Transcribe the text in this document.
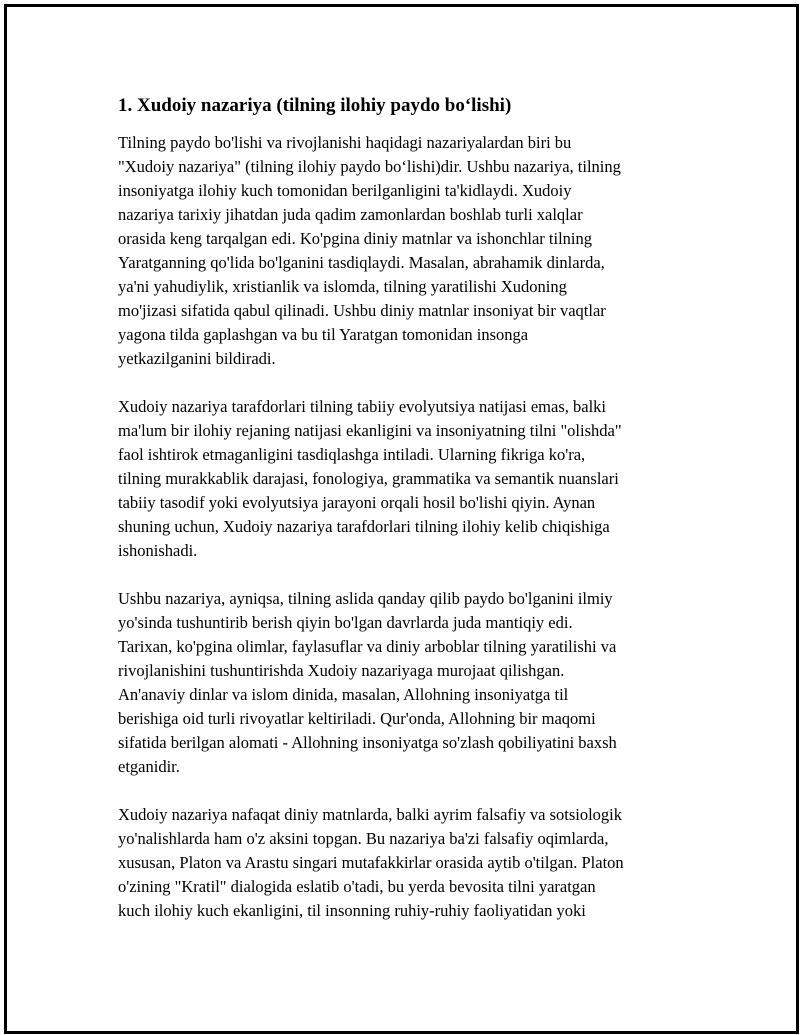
1. Xudoiy nazariya (tilning ilohiy paydo bo‘lishi)

Tilning paydo bo'lishi va rivojlanishi haqidagi nazariyalardan biri bu
"Xudoiy nazariya" (tilning ilohiy paydo bo‘lishi)dir. Ushbu nazariya, tilning
insoniyatga ilohiy kuch tomonidan berilganligini ta'kidlaydi. Xudoiy
nazariya tarixiy jihatdan juda qadim zamonlardan boshlab turli xalqlar
orasida keng tarqalgan edi. Ko'pgina diniy matnlar va ishonchlar tilning
Yaratganning qo'lida bo'lganini tasdiqlaydi. Masalan, abrahamik dinlarda,
ya'ni yahudiylik, xristianlik va islomda, tilning yaratilishi Xudoning
mo'jizasi sifatida qabul qilinadi. Ushbu diniy matnlar insoniyat bir vaqtlar
yagona tilda gaplashgan va bu til Yaratgan tomonidan insonga
yetkazilganini bildiradi.

Xudoiy nazariya tarafdorlari tilning tabiiy evolyutsiya natijasi emas, balki
ma'lum bir ilohiy rejaning natijasi ekanligini va insoniyatning tilni "olishda"
faol ishtirok etmaganligini tasdiqlashga intiladi. Ularning fikriga ko'ra,
tilning murakkablik darajasi, fonologiya, grammatika va semantik nuanslari
tabiiy tasodif yoki evolyutsiya jarayoni orqali hosil bo'lishi qiyin. Aynan
shuning uchun, Xudoiy nazariya tarafdorlari tilning ilohiy kelib chiqishiga
ishonishadi.

Ushbu nazariya, ayniqsa, tilning aslida qanday qilib paydo bo'lganini ilmiy
yo'sinda tushuntirib berish qiyin bo'lgan davrlarda juda mantiqiy edi.
Tarixan, ko'pgina olimlar, faylasuflar va diniy arboblar tilning yaratilishi va
rivojlanishini tushuntirishda Xudoiy nazariyaga murojaat qilishgan.
An'anaviy dinlar va islom dinida, masalan, Allohning insoniyatga til
berishiga oid turli rivoyatlar keltiriladi. Qur'onda, Allohning bir maqomi
sifatida berilgan alomati - Allohning insoniyatga so'zlash qobiliyatini baxsh
etganidir.

Xudoiy nazariya nafaqat diniy matnlarda, balki ayrim falsafiy va sotsiologik
yo'nalishlarda ham o'z aksini topgan. Bu nazariya ba'zi falsafiy oqimlarda,
xususan, Platon va Arastu singari mutafakkirlar orasida aytib o'tilgan. Platon
o'zining "Kratil" dialogida eslatib o'tadi, bu yerda bevosita tilni yaratgan
kuch ilohiy kuch ekanligini, til insonning ruhiy-ruhiy faoliyatidan yoki
